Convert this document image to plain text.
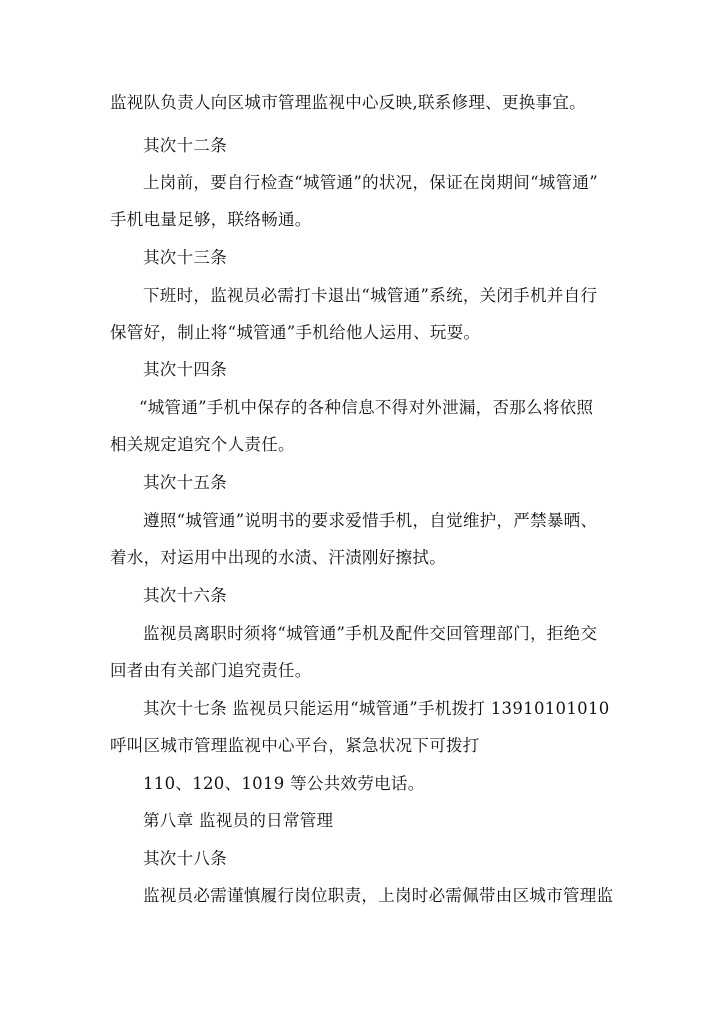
监视队负责人向区城市管理监视中心反映,联系修理、更换事宜。

其次十二条

上岗前，要自行检查“城管通”的状况，保证在岗期间“城管通”

手机电量足够，联络畅通。

其次十三条

下班时，监视员必需打卡退出“城管通”系统，关闭手机并自行

保管好，制止将“城管通”手机给他人运用、玩耍。

其次十四条

“城管通”手机中保存的各种信息不得对外泄漏，否那么将依照

相关规定追究个人责任。

其次十五条

遵照“城管通”说明书的要求爱惜手机，自觉维护，严禁暴晒、

着水，对运用中出现的水渍、汗渍刚好擦拭。

其次十六条

监视员离职时须将“城管通”手机及配件交回管理部门，拒绝交

回者由有关部门追究责任。

其次十七条 监视员只能运用“城管通”手机拨打 13910101010

呼叫区城市管理监视中心平台，紧急状况下可拨打

110、120、1019 等公共效劳电话。

第八章 监视员的日常管理

其次十八条

监视员必需谨慎履行岗位职责，上岗时必需佩带由区城市管理监
